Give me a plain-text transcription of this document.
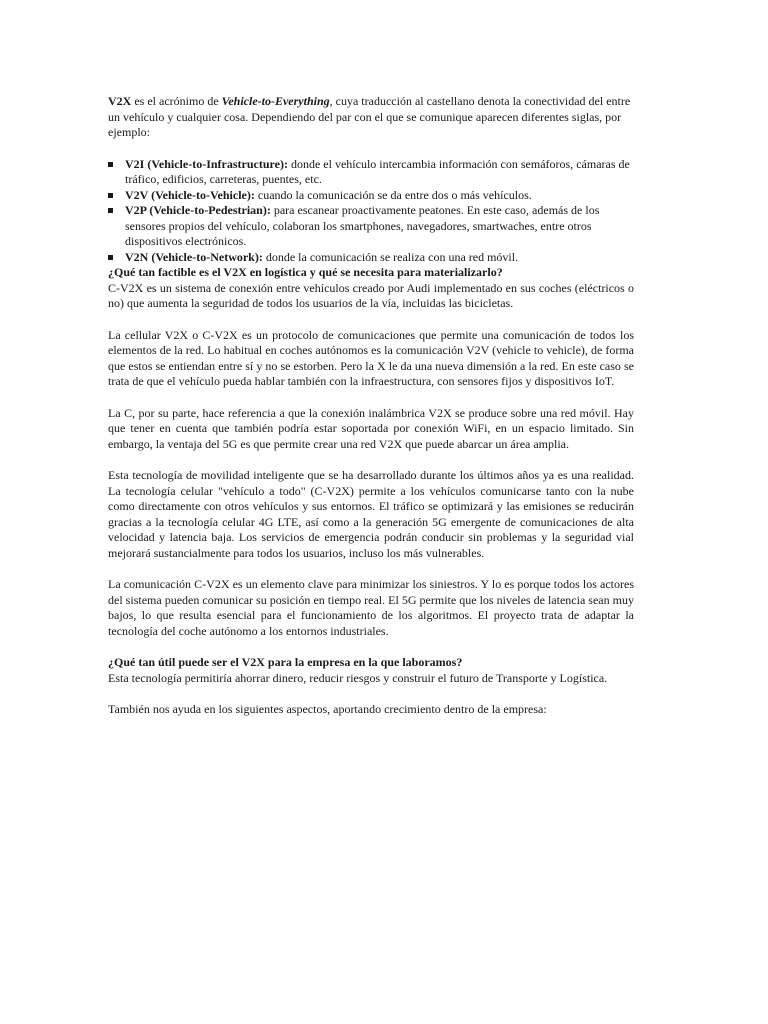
V2X es el acrónimo de Vehicle-to-Everything, cuya traducción al castellano denota la conectividad del entre un vehículo y cualquier cosa. Dependiendo del par con el que se comunique aparecen diferentes siglas, por ejemplo:

V2I (Vehicle-to-Infrastructure): donde el vehículo intercambia información con semáforos, cámaras de tráfico, edificios, carreteras, puentes, etc.
V2V (Vehicle-to-Vehicle): cuando la comunicación se da entre dos o más vehículos.
V2P (Vehicle-to-Pedestrian): para escanear proactivamente peatones. En este caso, además de los sensores propios del vehículo, colaboran los smartphones, navegadores, smartwaches, entre otros dispositivos electrónicos.
V2N (Vehicle-to-Network): donde la comunicación se realiza con una red móvil.
¿Qué tan factible es el V2X en logística y qué se necesita para materializarlo?

C-V2X es un sistema de conexión entre vehículos creado por Audi implementado en sus coches (eléctricos o no) que aumenta la seguridad de todos los usuarios de la vía, incluidas las bicicletas.

La cellular V2X o C-V2X es un protocolo de comunicaciones que permite una comunicación de todos los elementos de la red. Lo habitual en coches autónomos es la comunicación V2V (vehicle to vehicle), de forma que estos se entiendan entre sí y no se estorben. Pero la X le da una nueva dimensión a la red. En este caso se trata de que el vehículo pueda hablar también con la infraestructura, con sensores fijos y dispositivos IoT.

La C, por su parte, hace referencia a que la conexión inalámbrica V2X se produce sobre una red móvil. Hay que tener en cuenta que también podría estar soportada por conexión WiFi, en un espacio limitado. Sin embargo, la ventaja del 5G es que permite crear una red V2X que puede abarcar un área amplia.

Esta tecnología de movilidad inteligente que se ha desarrollado durante los últimos años ya es una realidad. La tecnología celular "vehículo a todo" (C-V2X) permite a los vehículos comunicarse tanto con la nube como directamente con otros vehículos y sus entornos. El tráfico se optimizará y las emisiones se reducirán gracias a la tecnología celular 4G LTE, así como a la generación 5G emergente de comunicaciones de alta velocidad y latencia baja. Los servicios de emergencia podrán conducir sin problemas y la seguridad vial mejorará sustancialmente para todos los usuarios, incluso los más vulnerables.

La comunicación C-V2X es un elemento clave para minimizar los siniestros. Y lo es porque todos los actores del sistema pueden comunicar su posición en tiempo real. El 5G permite que los niveles de latencia sean muy bajos, lo que resulta esencial para el funcionamiento de los algoritmos. El proyecto trata de adaptar la tecnología del coche autónomo a los entornos industriales.

¿Qué tan útil puede ser el V2X para la empresa en la que laboramos?

Esta tecnología permitiría ahorrar dinero, reducir riesgos y construir el futuro de Transporte y Logística.

También nos ayuda en los siguientes aspectos, aportando crecimiento dentro de la empresa:
